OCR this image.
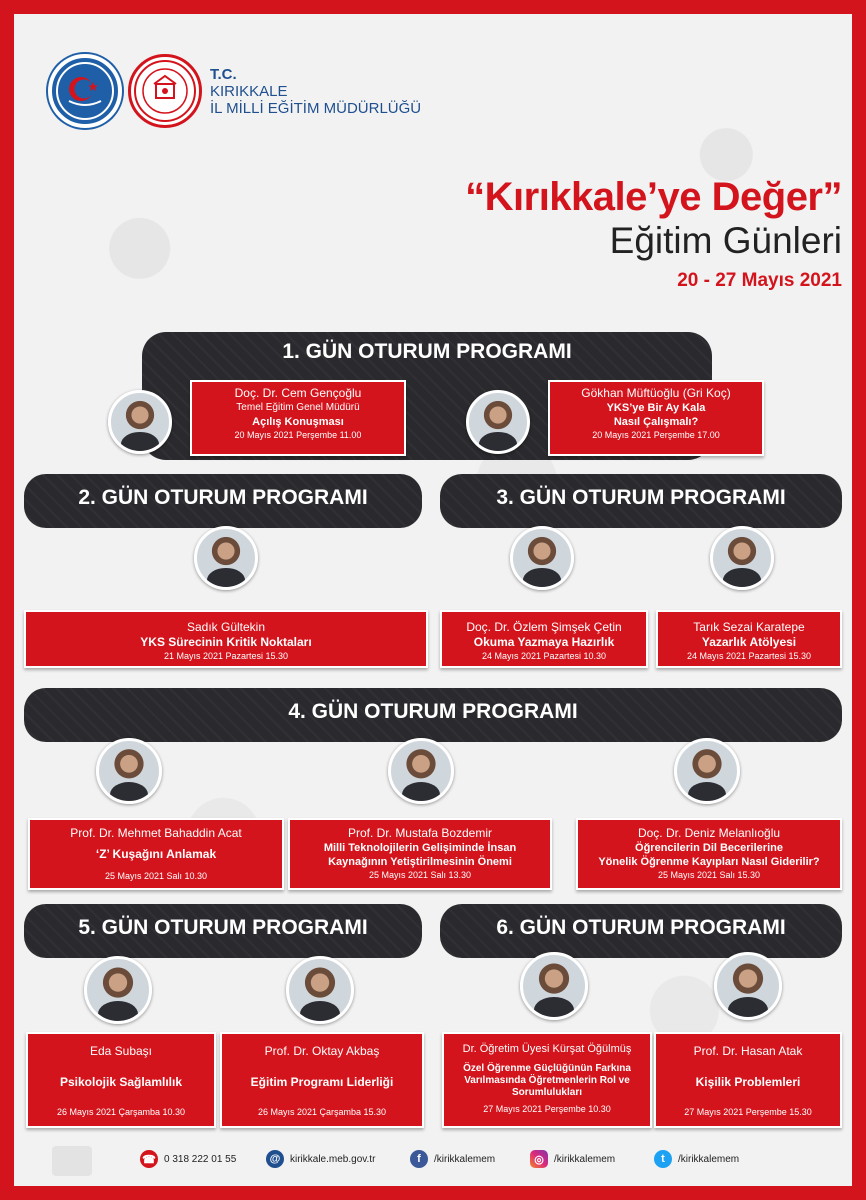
T.C.
KIRIKKALE
İL MİLLİ EĞİTİM MÜDÜRLÜĞÜ
“Kırıkkale’ye Değer”
Eğitim Günleri
20 - 27 Mayıs 2021
1. GÜN OTURUM PROGRAMI
Doç. Dr. Cem Gençoğlu
Temel Eğitim Genel Müdürü
Açılış Konuşması
20 Mayıs 2021 Perşembe 11.00
Gökhan Müftüoğlu (Gri Koç)
YKS’ye Bir Ay Kala
Nasıl Çalışmalı?
20 Mayıs 2021 Perşembe 17.00
2. GÜN OTURUM PROGRAMI
Sadık Gültekin
YKS Sürecinin Kritik Noktaları
21 Mayıs 2021 Pazartesi 15.30
3. GÜN OTURUM PROGRAMI
Doç. Dr. Özlem Şimşek Çetin
Okuma Yazmaya Hazırlık
24 Mayıs 2021 Pazartesi 10.30
Tarık Sezai Karatepe
Yazarlık Atölyesi
24 Mayıs 2021 Pazartesi 15.30
4. GÜN OTURUM PROGRAMI
Prof. Dr. Mehmet Bahaddin Acat
‘Z’ Kuşağını Anlamak
25 Mayıs 2021 Salı 10.30
Prof. Dr. Mustafa Bozdemir
Milli Teknolojilerin Gelişiminde İnsan
Kaynağının Yetiştirilmesinin Önemi
25 Mayıs 2021 Salı 13.30
Doç. Dr. Deniz Melanlıoğlu
Öğrencilerin Dil Becerilerine
Yönelik Öğrenme Kayıpları Nasıl Giderilir?
25 Mayıs 2021 Salı 15.30
5. GÜN OTURUM PROGRAMI
Eda Subaşı
Psikolojik Sağlamlılık
26 Mayıs 2021 Çarşamba 10.30
Prof. Dr. Oktay Akbaş
Eğitim Programı Liderliği
26 Mayıs 2021 Çarşamba 15.30
6. GÜN OTURUM PROGRAMI
Dr. Öğretim Üyesi Kürşat Öğülmüş
Özel Öğrenme Güçlüğünün Farkına
Varılmasında Öğretmenlerin Rol ve
Sorumlulukları
27 Mayıs 2021 Perşembe 10.30
Prof. Dr. Hasan Atak
Kişilik Problemleri
27 Mayıs 2021 Perşembe 15.30
☎ 0 318 222 01 55	@ kirikkale.meb.gov.tr	f	/kirikkalemem	◎	/kirikkalemem	t	/kirikkalemem
